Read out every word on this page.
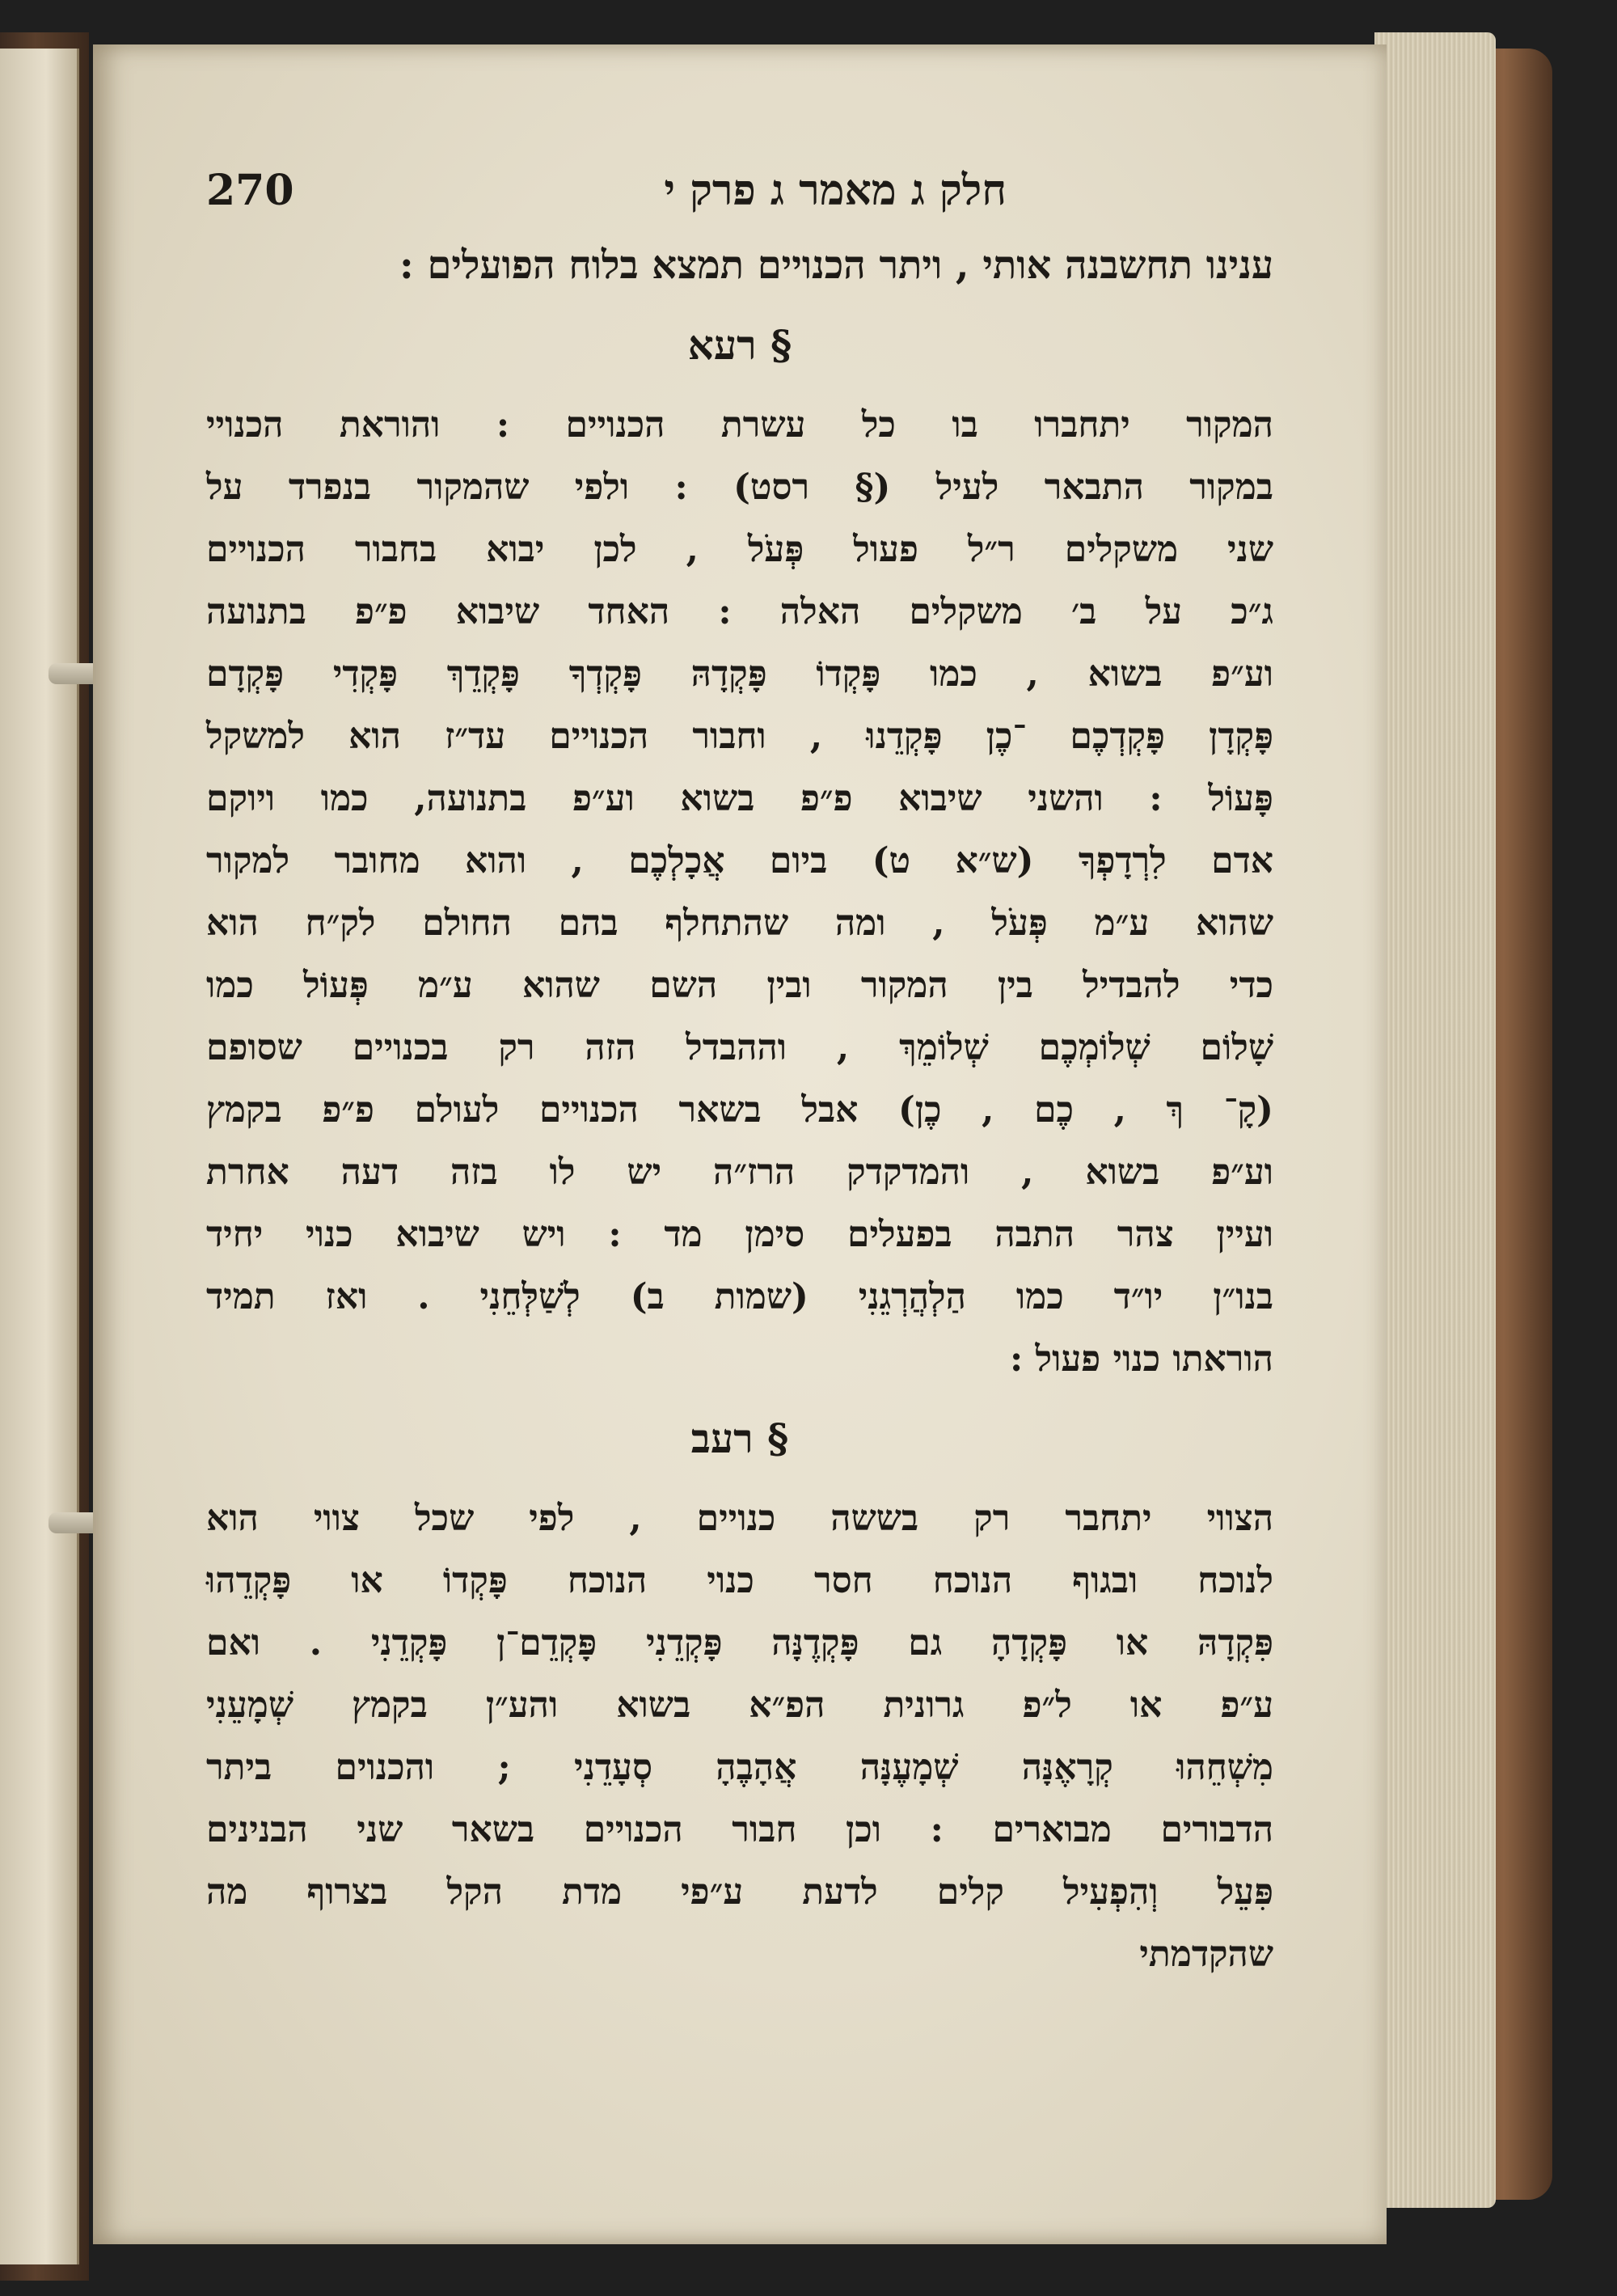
חלק ג מאמר ג פרק י
270
ענינו תחשבנה אותי , ויתר הכנויים תמצא בלוח הפועלים :
§ רעא
המקור יתחברו בו כל עשרת הכנויים : והוראת הכנויי
במקור התבאר לעיל (§ רסט) : ולפי שהמקור בנפרד על
שני משקלים ר״ל פעול פְּעֹל , לכן יבוא בחבור הכנויים
ג״כ על ב׳ משקלים האלה : האחד שיבוא פ״פ בתנועה
וע״פ בשוא , כמו פָּקְדוֹ פָּקְדָהּ פָּקְדְךָ פָּקְדֵךְ פָּקְדִי פָּקְדָם
פָּקְדָן פָּקְדְכֶם ־כֶן פָּקְדֵנוּ , וחבור הכנויים עד״ז הוא למשקל
פָּעוֹל : והשני שיבוא פ״פ בשוא וע״פ בתנועה, כמו ויוקם
אדם לִרְדָפְךָ (ש״א ט) ביום אֲכָלְכֶם , והוא מחובר למקור
שהוא ע״מ פְּעֹל , ומה שהתחלף בהם החולם לק״ח הוא
כדי להבדיל בין המקור ובין השם שהוא ע״מ פְּעוֹל כמו
שָׁלוֹם שְׁלוֹמְכֶם שְׁלוֹמֵךְ , וההבדל הזה רק בכנויים שסופם
(קָ־ ךְ , כֶם , כֶן) אבל בשאר הכנויים לעולם פ״פ בקמץ
וע״פ בשוא , והמדקדק הרז״ה יש לו בזה דעה אחרת
ועיין צהר התבה בפעלים סימן מד : ויש שיבוא כנוי יחיד
בנו״ן יו״ד כמו הַלְהֲרְגֵנִי (שמות ב) לְשַׁלְּחֵנִי . ואז תמיד
הוראתו כנוי פעול :
§ רעב
הצווי יתחבר רק בששה כנויים , לפי שכל צווי הוא
לנוכח ובגוף הנוכח חסר כנוי הנוכח פָּקְדוֹ או פָּקְדֵהוּ
פִּקְדָהּ או פָּקְדָהָ גם פָּקְדֶנָּה פָּקְדֵנִי פָּקְדֵם־ן פָּקְדֵנִי . ואם
ע״פ או ל״פ גרונית הפ״א בשוא והע״ן בקמץ שְׁמָעֵנִי
מִשְׁחֵהוּ קְרָאֶנָּה שְׁמָעֶנָּה אֲהָבֶהָ סְעָדֵנִי ; והכנוים ביתר
הדבורים מבוארים : וכן חבור הכנויים בשאר שני הבנינים
פִּעֵל וְהִפְעִיל קלים לדעת ע״פי מדת הקל בצרוף מה
שהקדמתי
